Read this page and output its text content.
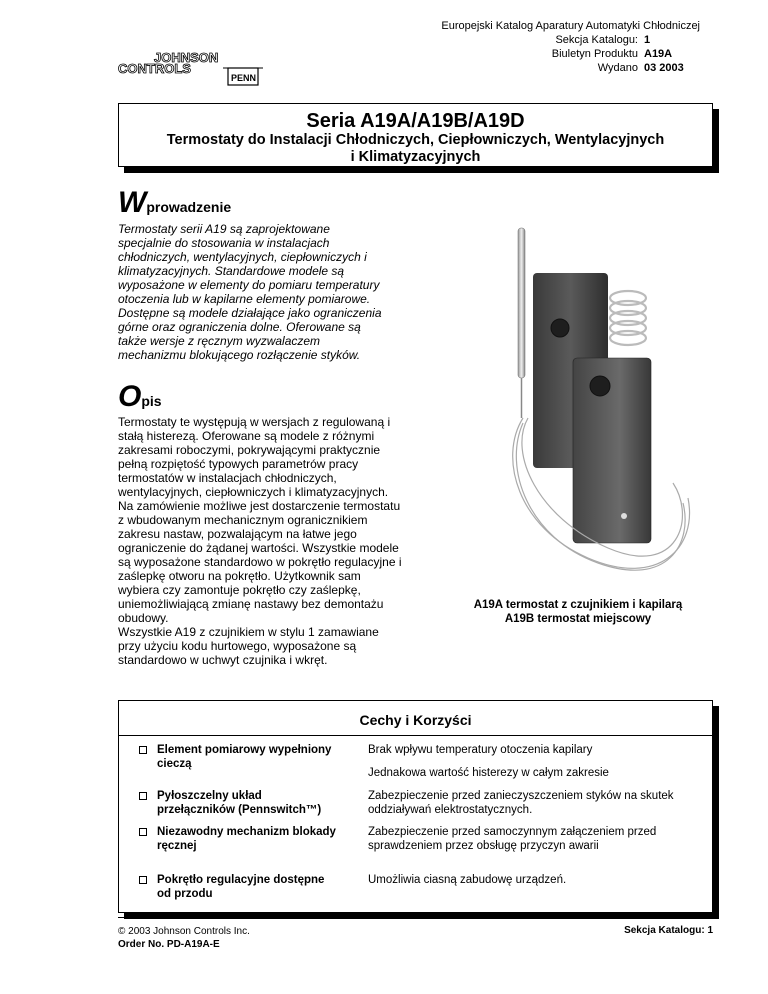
JOHNSON
CONTROLS
PENN
Europejski Katalog Aparatury Automatyki Chłodniczej
Sekcja Katalogu: 1
Biuletyn Produktu A19A
Wydano 03 2003
Seria A19A/A19B/A19D
Termostaty do Instalacji Chłodniczych, Ciepłowniczych, Wentylacyjnych
i Klimatyzacyjnych
Wprowadzenie
Termostaty serii A19 są zaprojektowane specjalnie do stosowania w instalacjach chłodniczych, wentylacyjnych, ciepłowniczych i klimatyzacyjnych. Standardowe modele są wyposażone w elementy do pomiaru temperatury otoczenia lub w kapilarne elementy pomiarowe. Dostępne są modele działające jako ograniczenia górne oraz ograniczenia dolne. Oferowane są także wersje z ręcznym wyzwalaczem mechanizmu blokującego rozłączenie styków.
Opis
Termostaty te występują w wersjach z regulowaną i stałą histerezą. Oferowane są modele z różnymi zakresami roboczymi, pokrywającymi praktycznie pełną rozpiętość typowych parametrów pracy termostatów w instalacjach chłodniczych, wentylacyjnych, ciepłowniczych i klimatyzacyjnych. Na zamówienie możliwe jest dostarczenie termostatu z wbudowanym mechanicznym ogranicznikiem zakresu nastaw, pozwalającym na łatwe jego ograniczenie do żądanej wartości. Wszystkie modele są wyposażone standardowo w pokrętło regulacyjne i zaślepkę otworu na pokrętło. Użytkownik sam wybiera czy zamontuje pokrętło czy zaślepkę, uniemożliwiającą zmianę nastawy bez demontażu obudowy.
Wszystkie A19 z czujnikiem w stylu 1 zamawiane przy użyciu kodu hurtowego, wyposażone są standardowo w uchwyt czujnika i wkręt.
A19A termostat z czujnikiem i kapilarą
A19B termostat miejscowy
Cechy i Korzyści
Element pomiarowy wypełniony cieczą
Brak wpływu temperatury otoczenia kapilary
Jednakowa wartość histerezy w całym zakresie
Pyłoszczelny układ przełączników (Pennswitch™)
Zabezpieczenie przed zanieczyszczeniem styków na skutek oddziaływań elektrostatycznych.
Niezawodny mechanizm blokady ręcznej
Zabezpieczenie przed samoczynnym załączeniem przed sprawdzeniem przez obsługę przyczyn awarii
Pokrętło regulacyjne dostępne od przodu
Umożliwia ciasną zabudowę urządzeń.
© 2003 Johnson Controls Inc.
Order No. PD-A19A-E
Sekcja Katalogu: 1
